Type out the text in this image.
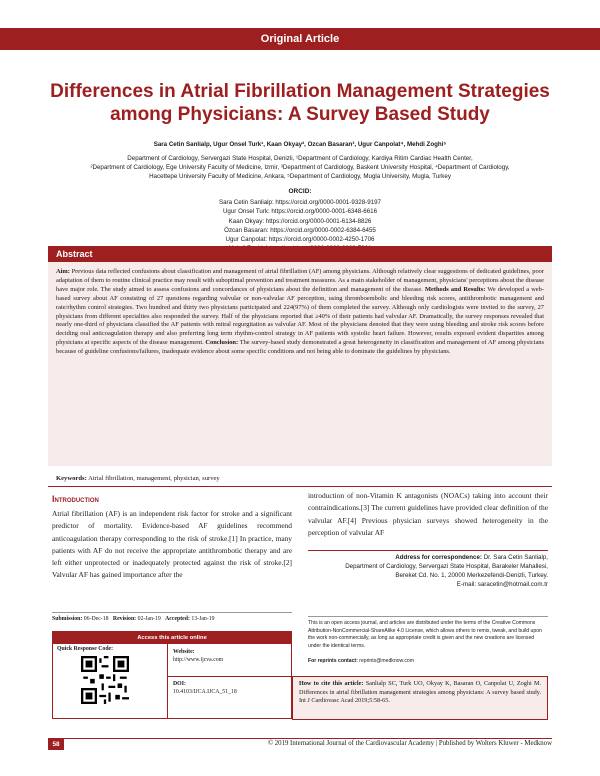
Original Article
Differences in Atrial Fibrillation Management Strategies among Physicians: A Survey Based Study
Sara Cetin Sanlialp, Ugur Onsel Turk¹, Kaan Okyay², Ozcan Basaran³, Ugur Canpolat⁴, Mehdi Zoghi⁵
Department of Cardiology, Servergazi State Hospital, Denizli, ¹Department of Cardiology, Kardiya Ritim Cardiac Health Center,
²Department of Cardiology, Ege University Faculty of Medicine, Izmir, ³Department of Cardiology, Baskent University Hospital, ⁴Department of Cardiology,
Hacettepe University Faculty of Medicine, Ankara, ⁵Department of Cardiology, Mugla University, Mugla, Turkey
ORCID:
Sara Cetin Sanlialp: https://orcid.org/0000-0001-9328-9197
Ugur Onsel Turk: https://orcid.org/0000-0001-6348-6616
Kaan Okyay: https://orcid.org/0000-0001-6134-8826
Özcan Basaran: https://orcid.org/0000-0002-6384-6455
Ugur Canpolat: https://orcid.org/0000-0002-4250-1706
Abstract
Aim: Previous data reflected confusions about classification and management of atrial fibrillation (AF) among physicians. Although relatively clear suggestions of dedicated guidelines, poor adaptation of them to routine clinical practice may result with suboptimal prevention and treatment measures. As a main stakeholder of management, physicians' perceptions about the disease have major role. The study aimed to assess confusions and concordances of physicians about the definition and management of the disease. Methods and Results: We developed a web-based survey about AF consisting of 27 questions regarding valvular or non-valvular AF perception, using thromboembolic and bleeding risk scores, antithrombotic management and rate/rhythm control strategies. Two hundred and thirty two physicians participated and 224(97%) of them completed the survey. Although only cardiologists were invited to the survey, 27 physicians from different specialties also responded the survey. Half of the physicians reported that ≥40% of their patients had valvular AF. Dramatically, the survey responses revealed that nearly one-third of physicians classified the AF patients with mitral regurgitation as valvular AF. Most of the physicians denoted that they were using bleeding and stroke risk scores before deciding oral anticoagulation therapy and also preferring long term rhythm-control strategy in AF patients with systolic heart failure. However, results exposed evident disparities among physicians at specific aspects of the disease management. Conclusion: The survey-based study demonstrated a great heterogeneity in classification and management of AF among physicians because of guideline confusions/failures, inadequate evidence about some specific conditions and not being able to dominate the guidelines by physicians.
Keywords: Atrial fibrillation, management, physician, survey
Introduction
Atrial fibrillation (AF) is an independent risk factor for stroke and a significant predictor of mortality. Evidence-based AF guidelines recommend anticoagulation therapy corresponding to the risk of stroke.[1] In practice, many patients with AF do not receive the appropriate antithrombotic therapy and are left either unprotected or inadequately protected against the risk of stroke.[2] Valvular AF has gained importance after the
introduction of non-Vitamin K antagonists (NOACs) taking into account their contraindications.[3] The current guidelines have provided clear definition of the valvular AF.[4] Previous physician surveys showed heterogeneity in the perception of valvular AF
Address for correspondence: Dr. Sara Cetin Sanlialp,
Department of Cardiology, Servergazi State Hospital, Barakeler Mahallesi,
Bereket Cd. No. 1, 20000 Merkezefendi-Denizli, Turkey.
E-mail: saracetin@hotmail.com.tr
Submission: 06-Dec-18 Revision: 02-Jan-19 Accepted: 13-Jan-19
Access this article online
Quick Response Code:	Website:
http://www.ijcva.com
DOI:
10.4103/IJCA.IJCA_51_18
This is an open access journal, and articles are distributed under the terms of the Creative Commons Attribution-NonCommercial-ShareAlike 4.0 License, which allows others to remix, tweak, and build upon the work non-commercially, as long as appropriate credit is given and the new creations are licensed under the identical terms.
For reprints contact: reprints@medknow.com
How to cite this article: Sanlialp SC, Turk UO, Okyay K, Basaran O, Canpolat U, Zoghi M. Differences in atrial fibrillation management strategies among physicians: A survey based study. Int J Cardiovasc Acad 2019;5:58-65.
58	© 2019 International Journal of the Cardiovascular Academy | Published by Wolters Kluwer - Medknow
